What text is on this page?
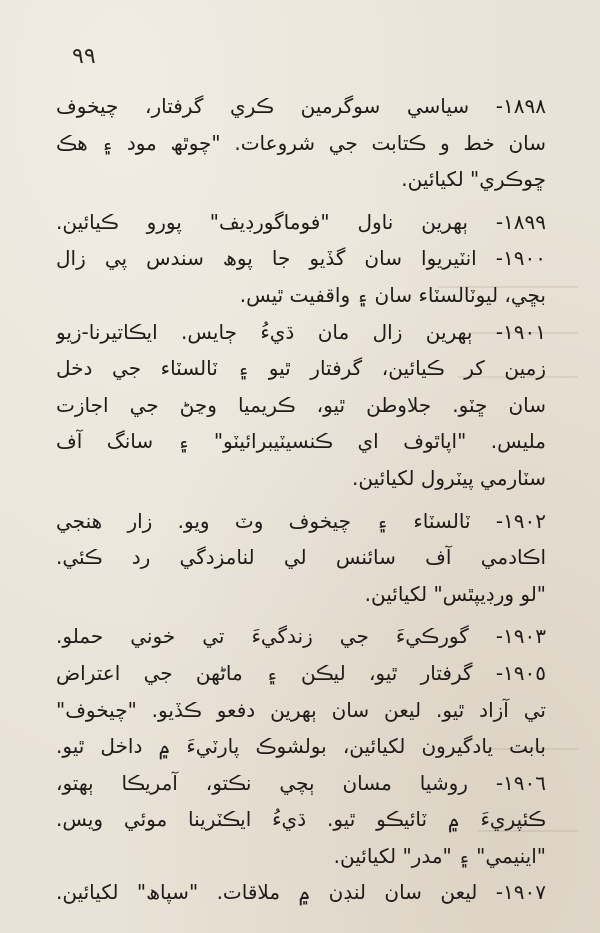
٩٩
١٨٩٨- سياسي سوگرمين ڪري گرفتار، چيخوف
سان خط و ڪتابت جي شروعات. "چوٿھ مود ۽ ھڪ
ڇوڪري" لکيائين.
١٨٩٩- ٻھرين ناول "فوماگورڊيف" پورو ڪيائين.
١٩٠٠- انٽيريوا سان گڏيو جا پوھ سندس پي زال
بڇي، ليوٽالسٽاء سان ۽ واقفيت ٿيس.
١٩٠١- ٻھرين زال مان ڌيءُ ڄايس. ايڪاتيرنا-زيو
زمين کر ڪيائين، گرفتار ٿيو ۽ ٽالسٽاء جي دخل
سان ڇٽو. جلاوطن ٿيو، ڪريميا وڃڻ جي اجازت
مليس. "اپاٿوف اي ڪنسيٽيبرائيٽو" ۽ سانگ آف
سٽارمي پيٽرول لکيائين.
١٩٠٢- ٽالسٽاء ۽ چيخوف وٽ ويو. زار ھنجي
اڪادمي آف سائنس لي لنامزدگي رد ڪئي.
"لو ورڊيپٿس" لکيائين.
١٩٠٣- گورڪيءَ جي زندگيءَ تي خوني حملو.
١٩٠٥- گرفتار ٿيو، ليڪن ۽ ماڻھن جي اعتراض
تي آزاد ٿيو. ليعن سان ٻھرين دفعو ڪڏيو. "چيخوف"
بابت يادگيرون لکيائين، بولشوڪ پارٽيءَ ۾ داخل ٿيو.
١٩٠٦- روشيا مسان ٻچي نڪتو، آمريڪا ٻھتو،
ڪئپريءَ ۾ ٽائيڪو ٿيو. ڌيءُ ايڪٽرينا موئي ويس.
"اينيمي" ۽ "مدر" لکيائين.
١٩٠٧- ليعن سان لنڊن ۾ ملاقات. "سپاھ" لکيائين.
